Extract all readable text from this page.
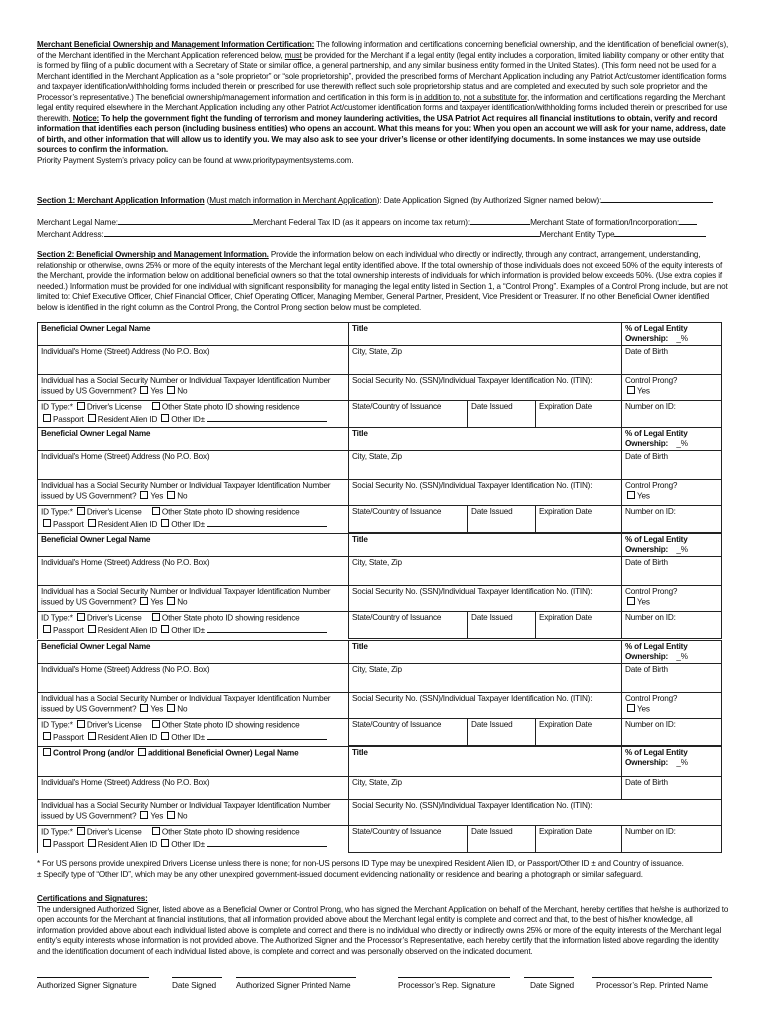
Merchant Beneficial Ownership and Management Information Certification: The following information and certifications concerning beneficial ownership, and the identification of beneficial owner(s), of the Merchant identified in the Merchant Application referenced below, must be provided for the Merchant if a legal entity (legal entity includes a corporation, limited liability company or other entity that is formed by filing of a public document with a Secretary of State or similar office, a general partnership, and any similar business entity formed in the United States). (This form need not be used for a Merchant identified in the Merchant Application as a “sole proprietor” or “sole proprietorship”, provided the prescribed forms of Merchant Application including any Patriot Act/customer identification forms and taxpayer identification/withholding forms included therein or prescribed for use therewith reflect such sole proprietorship status and are completed and executed by such sole proprietor and the Processor’s representative.) The beneficial ownership/management information and certification in this form is in addition to, not a substitute for, the information and certifications regarding the Merchant legal entity required elsewhere in the Merchant Application including any other Patriot Act/customer identification forms and taxpayer identification/withholding forms included therein or prescribed for use therewith. Notice: To help the government fight the funding of terrorism and money laundering activities, the USA Patriot Act requires all financial institutions to obtain, verify and record information that identifies each person (including business entities) who opens an account. What this means for you: When you open an account we will ask for your name, address, date of birth, and other information that will allow us to identify you. We may also ask to see your driver’s license or other identifying documents. In some instances we may use outside sources to confirm the information.
Priority Payment System’s privacy policy can be found at www.prioritypaymentsystems.com.
Section 1: Merchant Application Information (Must match information in Merchant Application): Date Application Signed (by Authorized Signer named below):
Merchant Legal Name:	Merchant Federal Tax ID (as it appears on income tax return):	Merchant State of formation/Incorporation:
Merchant Address:	Merchant Entity Type
Section 2: Beneficial Ownership and Management Information. Provide the information below on each individual who directly or indirectly, through any contract, arrangement, understanding, relationship or otherwise, owns 25% or more of the equity interests of the Merchant legal entity identified above. If the total ownership of those individuals does not exceed 50% of the equity interests of the Merchant, provide the information below on additional beneficial owners so that the total ownership interests of individuals for which information is provided below exceeds 50%. (Use extra copies if needed.) Information must be provided for one individual with significant responsibility for managing the legal entity listed in Section 1, a “Control Prong”. Examples of a Control Prong include, but are not limited to: Chief Executive Officer, Chief Financial Officer, Chief Operating Officer, Managing Member, General Partner, President, Vice President or Treasurer. If no other Beneficial Owner identified below is identified in the right column as the Control Prong, the Control Prong section below must be completed.
Beneficial Owner Legal Name	Title			% of Legal Entity
Ownership:    _%
Individual's Home (Street) Address (No P.O. Box)	City, State, Zip			Date of Birth
Individual has a Social Security Number or Individual Taxpayer Identification Number issued by US Government? Yes No	Social Security No. (SSN)/Individual Taxpayer Identification No. (ITIN):			Control Prong?
Yes
ID Type:* Driver's License Other State photo ID showing residence
Passport Resident Alien ID Other ID±	State/Country of Issuance	Date Issued	Expiration Date	Number on ID:
Beneficial Owner Legal Name	Title			% of Legal Entity
Ownership:    _%
Individual's Home (Street) Address (No P.O. Box)	City, State, Zip			Date of Birth
Individual has a Social Security Number or Individual Taxpayer Identification Number issued by US Government? Yes No	Social Security No. (SSN)/Individual Taxpayer Identification No. (ITIN):			Control Prong?
Yes
ID Type:* Driver's License Other State photo ID showing residence
Passport Resident Alien ID Other ID±	State/Country of Issuance	Date Issued	Expiration Date	Number on ID:
Beneficial Owner Legal Name	Title			% of Legal Entity
Ownership:    _%
Individual's Home (Street) Address (No P.O. Box)	City, State, Zip			Date of Birth
Individual has a Social Security Number or Individual Taxpayer Identification Number issued by US Government? Yes No	Social Security No. (SSN)/Individual Taxpayer Identification No. (ITIN):			Control Prong?
Yes
ID Type:* Driver's License Other State photo ID showing residence
Passport Resident Alien ID Other ID±	State/Country of Issuance	Date Issued	Expiration Date	Number on ID:
Beneficial Owner Legal Name	Title			% of Legal Entity
Ownership:    _%
Individual's Home (Street) Address (No P.O. Box)	City, State, Zip			Date of Birth
Individual has a Social Security Number or Individual Taxpayer Identification Number issued by US Government? Yes No	Social Security No. (SSN)/Individual Taxpayer Identification No. (ITIN):			Control Prong?
Yes
ID Type:* Driver's License Other State photo ID showing residence
Passport Resident Alien ID Other ID±	State/Country of Issuance	Date Issued	Expiration Date	Number on ID:
Control Prong (and/or additional Beneficial Owner) Legal Name	Title			% of Legal Entity
Ownership:    _%
Individual's Home (Street) Address (No P.O. Box)	City, State, Zip			Date of Birth
Individual has a Social Security Number or Individual Taxpayer Identification Number issued by US Government? Yes No	Social Security No. (SSN)/Individual Taxpayer Identification No. (ITIN):			
ID Type:* Driver's License Other State photo ID showing residence
Passport Resident Alien ID Other ID±	State/Country of Issuance	Date Issued	Expiration Date	Number on ID:
* For US persons provide unexpired Drivers License unless there is none; for non-US persons ID Type may be unexpired Resident Alien ID, or Passport/Other ID ± and Country of issuance.
± Specify type of “Other ID”, which may be any other unexpired government-issued document evidencing nationality or residence and bearing a photograph or similar safeguard.
Certifications and Signatures:
The undersigned Authorized Signer, listed above as a Beneficial Owner or Control Prong, who has signed the Merchant Application on behalf of the Merchant, hereby certifies that he/she is authorized to open accounts for the Merchant at financial institutions, that all information provided above about the Merchant legal entity is complete and correct and that, to the best of his/her knowledge, all information provided above about each individual listed above is complete and correct and there is no individual who directly or indirectly owns 25% or more of the equity interests of the Merchant legal entity’s equity interests whose information is not provided above. The Authorized Signer and the Processor’s Representative, each hereby certify that the information listed above regarding the identity and the identification document of each individual listed above, is complete and correct and was personally observed on the indicated document.
Authorized Signer Signature	Date Signed Authorized Signer Printed Name	Processor’s Rep. Signature	Date Signed	Processor’s Rep. Printed Name
